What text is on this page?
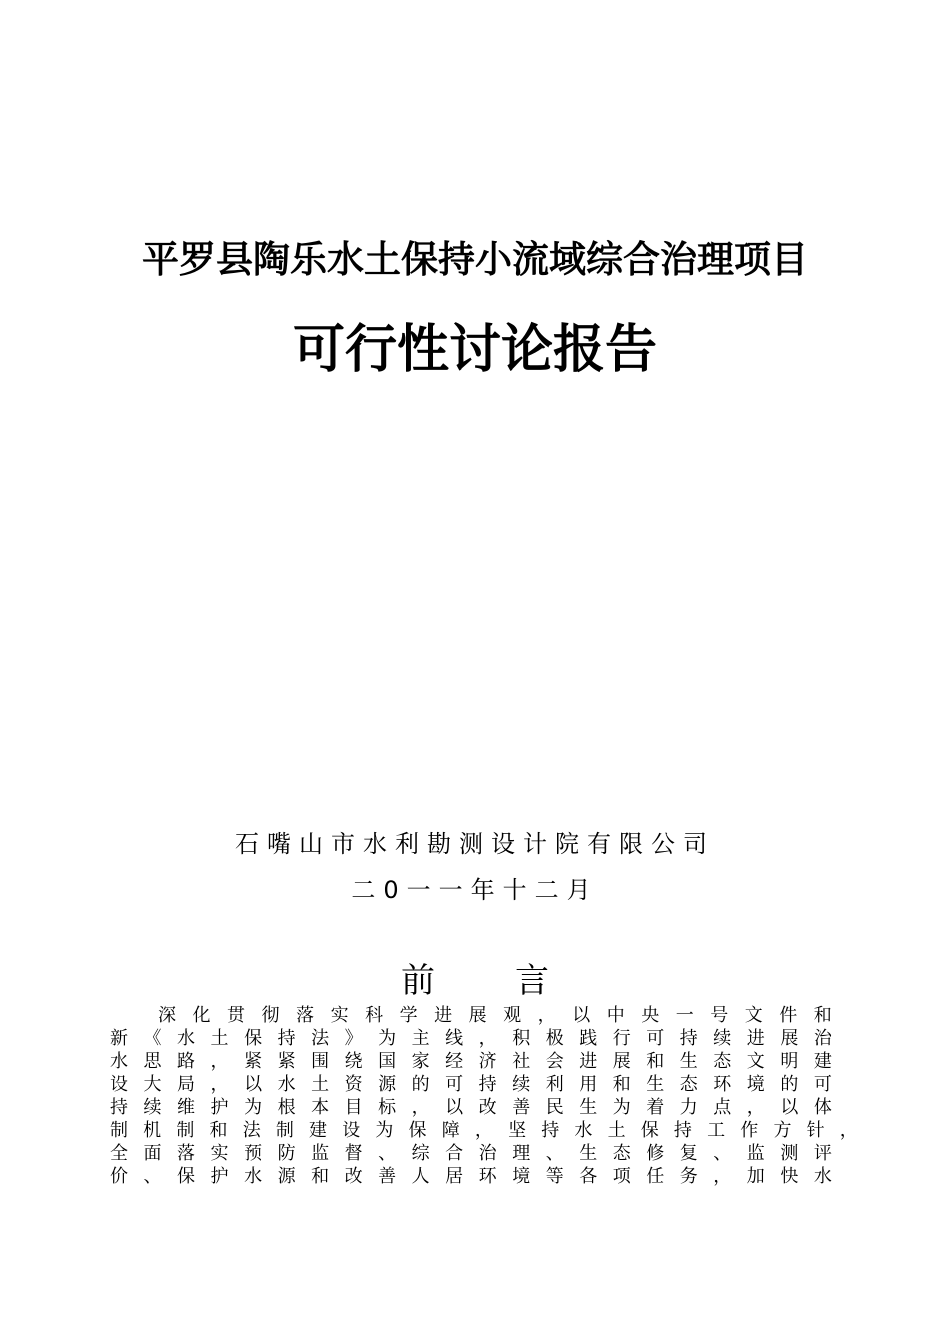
平罗县陶乐水土保持小流域综合治理项目
可行性讨论报告
石嘴山市水利勘测设计院有限公司
二0一一年十二月
前 言
深 化 贯 彻 落 实 科 学 进 展 观 ， 以 中 央 一 号 文 件 和
新 《 水 土 保 持 法 》 为 主 线 ， 积 极 践 行 可 持 续 进 展 治
水 思 路 ， 紧 紧 围 绕 国 家 经 济 社 会 进 展 和 生 态 文 明 建
设 大 局 ， 以 水 土 资 源 的 可 持 续 利 用 和 生 态 环 境 的 可
持 续 维 护 为 根 本 目 标 ， 以 改 善 民 生 为 着 力 点 ， 以 体
制 机 制 和 法 制 建 设 为 保 障 ， 坚 持 水 土 保 持 工 作 方 针 ，
全 面 落 实 预 防 监 督 、 综 合 治 理 、 生 态 修 复 、 监 测 评
价 、 保 护 水 源 和 改 善 人 居 环 境 等 各 项 任 务 ， 加 快 水
